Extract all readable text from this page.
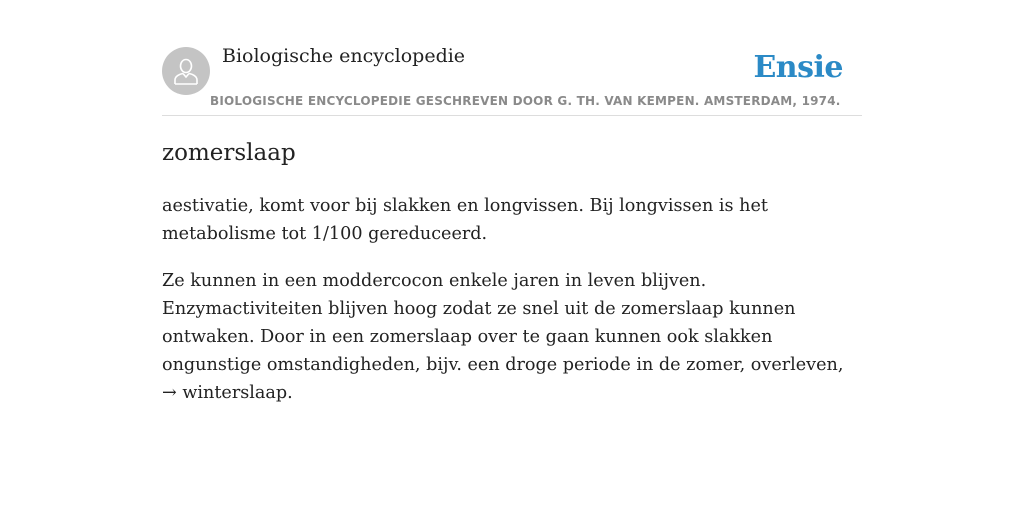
Biologische encyclopedie	Ensie
BIOLOGISCHE ENCYCLOPEDIE GESCHREVEN DOOR G. TH. VAN KEMPEN. AMSTERDAM, 1974.
zomerslaap

aestivatie, komt voor bij slakken en longvissen. Bij longvissen is het metabolisme tot 1/100 gereduceerd.

Ze kunnen in een moddercocon enkele jaren in leven blijven. Enzymactiviteiten blijven hoog zodat ze snel uit de zomerslaap kunnen ontwaken. Door in een zomerslaap over te gaan kunnen ook slakken ongunstige omstandigheden, bijv. een droge periode in de zomer, overleven, → winterslaap.
